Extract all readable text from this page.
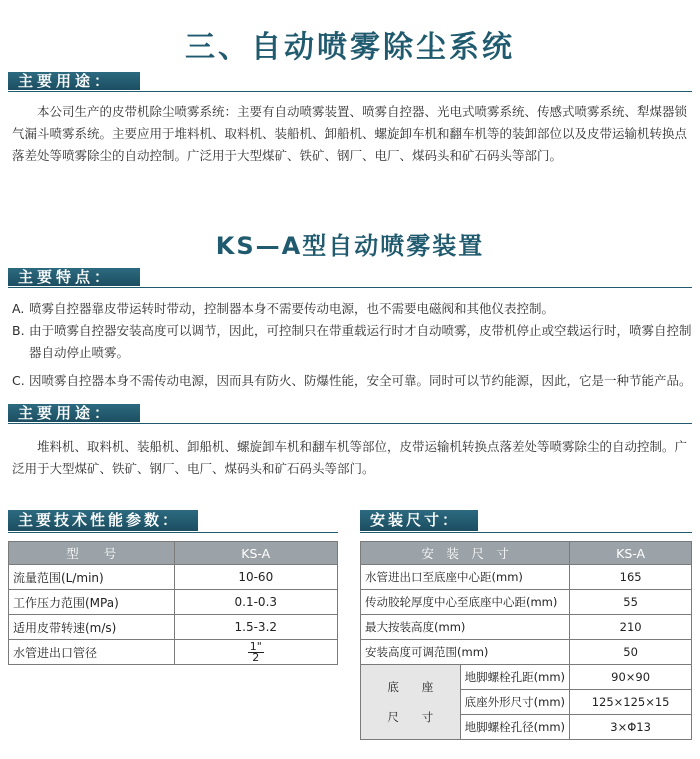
三、自动喷雾除尘系统
主要用途：
本公司生产的皮带机除尘喷雾系统：主要有自动喷雾装置、喷雾自控器、光电式喷雾系统、传感式喷雾系统、犁煤器锁气漏斗喷雾系统。主要应用于堆料机、取料机、装船机、卸船机、螺旋卸车机和翻车机等的装卸部位以及皮带运输机转换点落差处等喷雾除尘的自动控制。广泛用于大型煤矿、铁矿、钢厂、电厂、煤码头和矿石码头等部门。
KS—A型自动喷雾装置
主要特点：
A. 喷雾自控器靠皮带运转时带动，控制器本身不需要传动电源，也不需要电磁阀和其他仪表控制。
B. 由于喷雾自控器安装高度可以调节，因此，可控制只在带重载运行时才自动喷雾，皮带机停止或空载运行时，喷雾自控制器自动停止喷雾。
C. 因喷雾自控器本身不需传动电源，因而具有防火、防爆性能，安全可靠。同时可以节约能源，因此，它是一种节能产品。
主要用途：
堆料机、取料机、装船机、卸船机、螺旋卸车机和翻车机等部位，皮带运输机转换点落差处等喷雾除尘的自动控制。广泛用于大型煤矿、铁矿、钢厂、电厂、煤码头和矿石码头等部门。
主要技术性能参数：
型　　号	KS-A
流量范围(L/min)	10-60
工作压力范围(MPa)	0.1-0.3
适用皮带转速(m/s)	1.5-3.2
水管进出口管径	$\frac{1"}{2}$
安装尺寸：
安　装　尺　寸		KS-A
水管进出口至底座中心距(mm)		165
传动胶轮厚度中心至底座中心距(mm)		55
最大按装高度(mm)		210
安装高度可调范围(mm)		50

底　　座
尺　　寸	地脚螺栓孔距(mm)	90×90
	底座外形尺寸(mm)	125×125×15
	地脚螺栓孔径(mm)	3×Φ13
